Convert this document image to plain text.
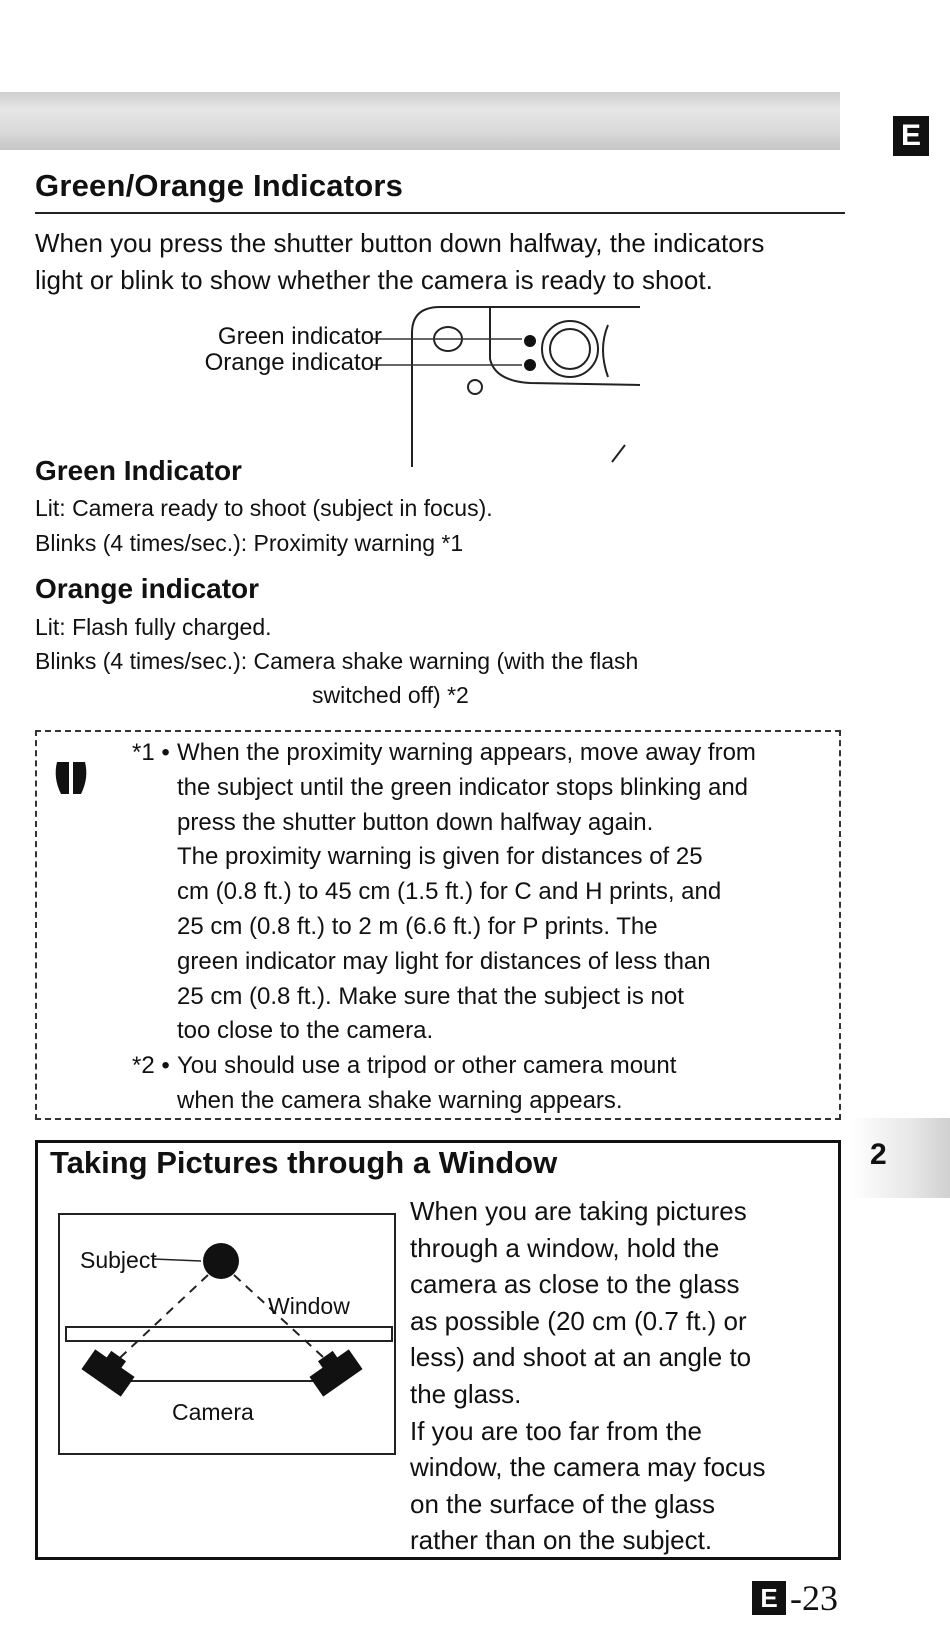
E
Green/Orange Indicators

When you press the shutter button down halfway, the indicators
light or blink to show whether the camera is ready to shoot.

Green indicator
Orange indicator
Green Indicator

Lit: Camera ready to shoot (subject in focus).

Blinks (4 times/sec.): Proximity warning *1

Orange indicator

Lit: Flash fully charged.

Blinks (4 times/sec.): Camera shake warning (with the flash

switched off) *2

*1 • When the proximity warning appears, move away from
the subject until the green indicator stops blinking and
press the shutter button down halfway again.
The proximity warning is given for distances of 25
cm (0.8 ft.) to 45 cm (1.5 ft.) for C and H prints, and
25 cm (0.8 ft.) to 2 m (6.6 ft.) for P prints. The
green indicator may light for distances of less than
25 cm (0.8 ft.). Make sure that the subject is not
too close to the camera.

*2 • You should use a tripod or other camera mount
when the camera shake warning appears.

2
Taking Pictures through a Window
Subject
Window
Camera

When you are taking pictures
through a window, hold the
camera as close to the glass
as possible (20 cm (0.7 ft.) or
less) and shoot at an angle to
the glass.
If you are too far from the
window, the camera may focus
on the surface of the glass
rather than on the subject.

E -23
